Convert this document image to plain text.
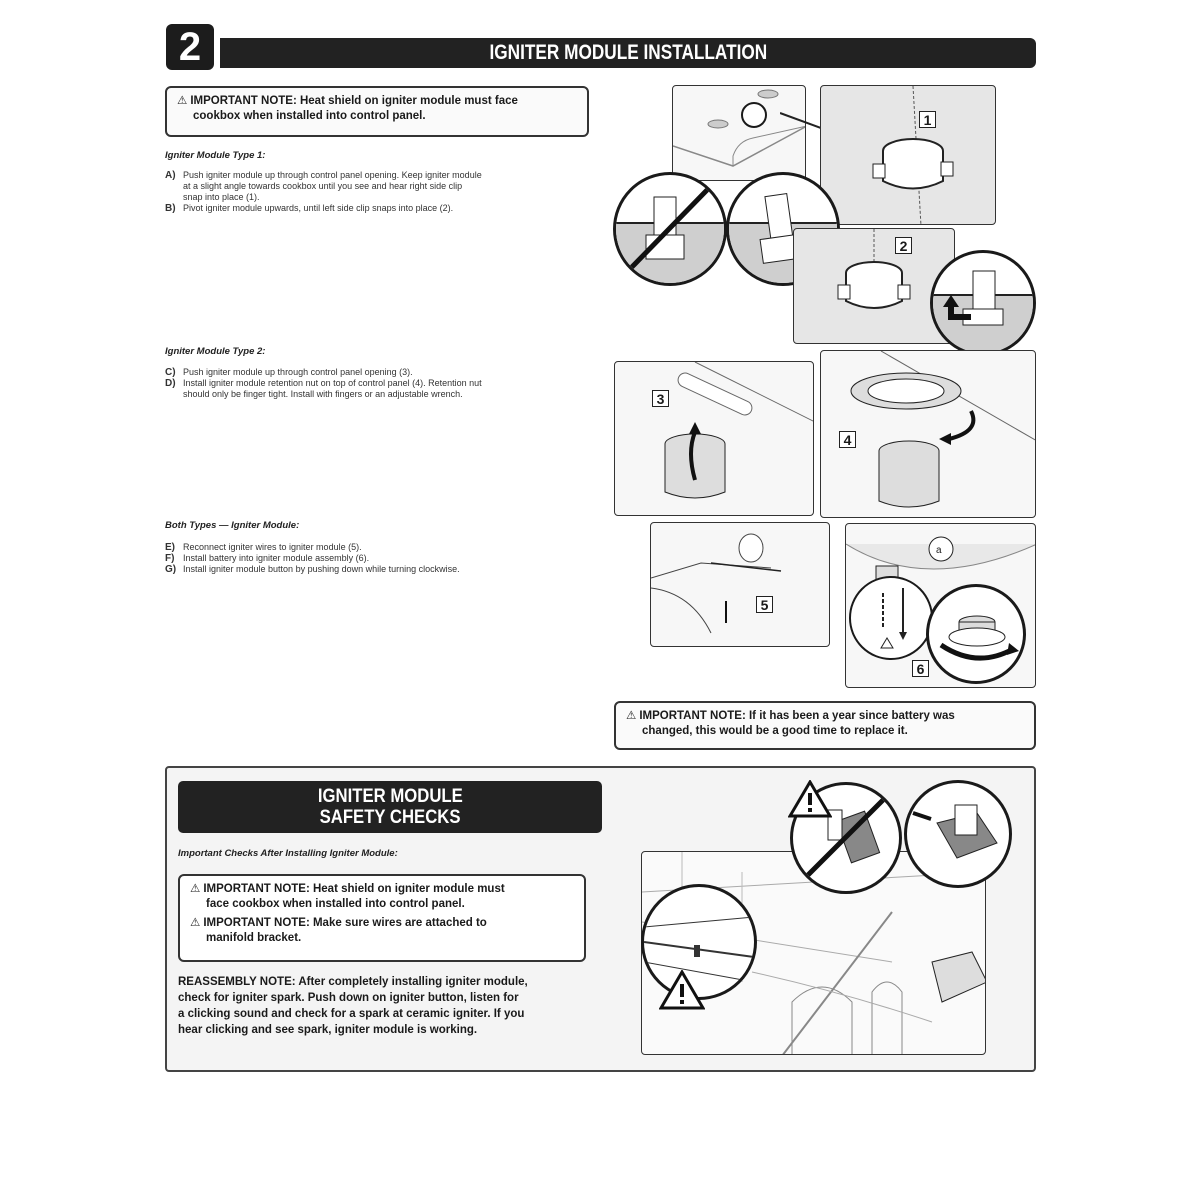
2	IGNITER MODULE INSTALLATION
⚠ IMPORTANT NOTE: Heat shield on igniter module must face
cookbox when installed into control panel.
Igniter Module Type 1:
A) Push igniter module up through control panel opening. Keep igniter module
at a slight angle towards cookbox until you see and hear right side clip
snap into place (1).
B) Pivot igniter module upwards, until left side clip snaps into place (2).
Igniter Module Type 2:
C) Push igniter module up through control panel opening (3).
D) Install igniter module retention nut on top of control panel (4). Retention nut
should only be finger tight. Install with fingers or an adjustable wrench.
Both Types — Igniter Module:
E) Reconnect igniter wires to igniter module (5).
F) Install battery into igniter module assembly (6).
G) Install igniter module button by pushing down while turning clockwise.
1
2
3
4
5
6
a
⚠ IMPORTANT NOTE: If it has been a year since battery was
changed, this would be a good time to replace it.
IGNITER MODULE
SAFETY CHECKS
Important Checks After Installing Igniter Module:
⚠ IMPORTANT NOTE: Heat shield on igniter module must
face cookbox when installed into control panel.
⚠ IMPORTANT NOTE: Make sure wires are attached to
manifold bracket.
REASSEMBLY NOTE: After completely installing igniter module,
check for igniter spark. Push down on igniter button, listen for
a clicking sound and check for a spark at ceramic igniter. If you
hear clicking and see spark, igniter module is working.
